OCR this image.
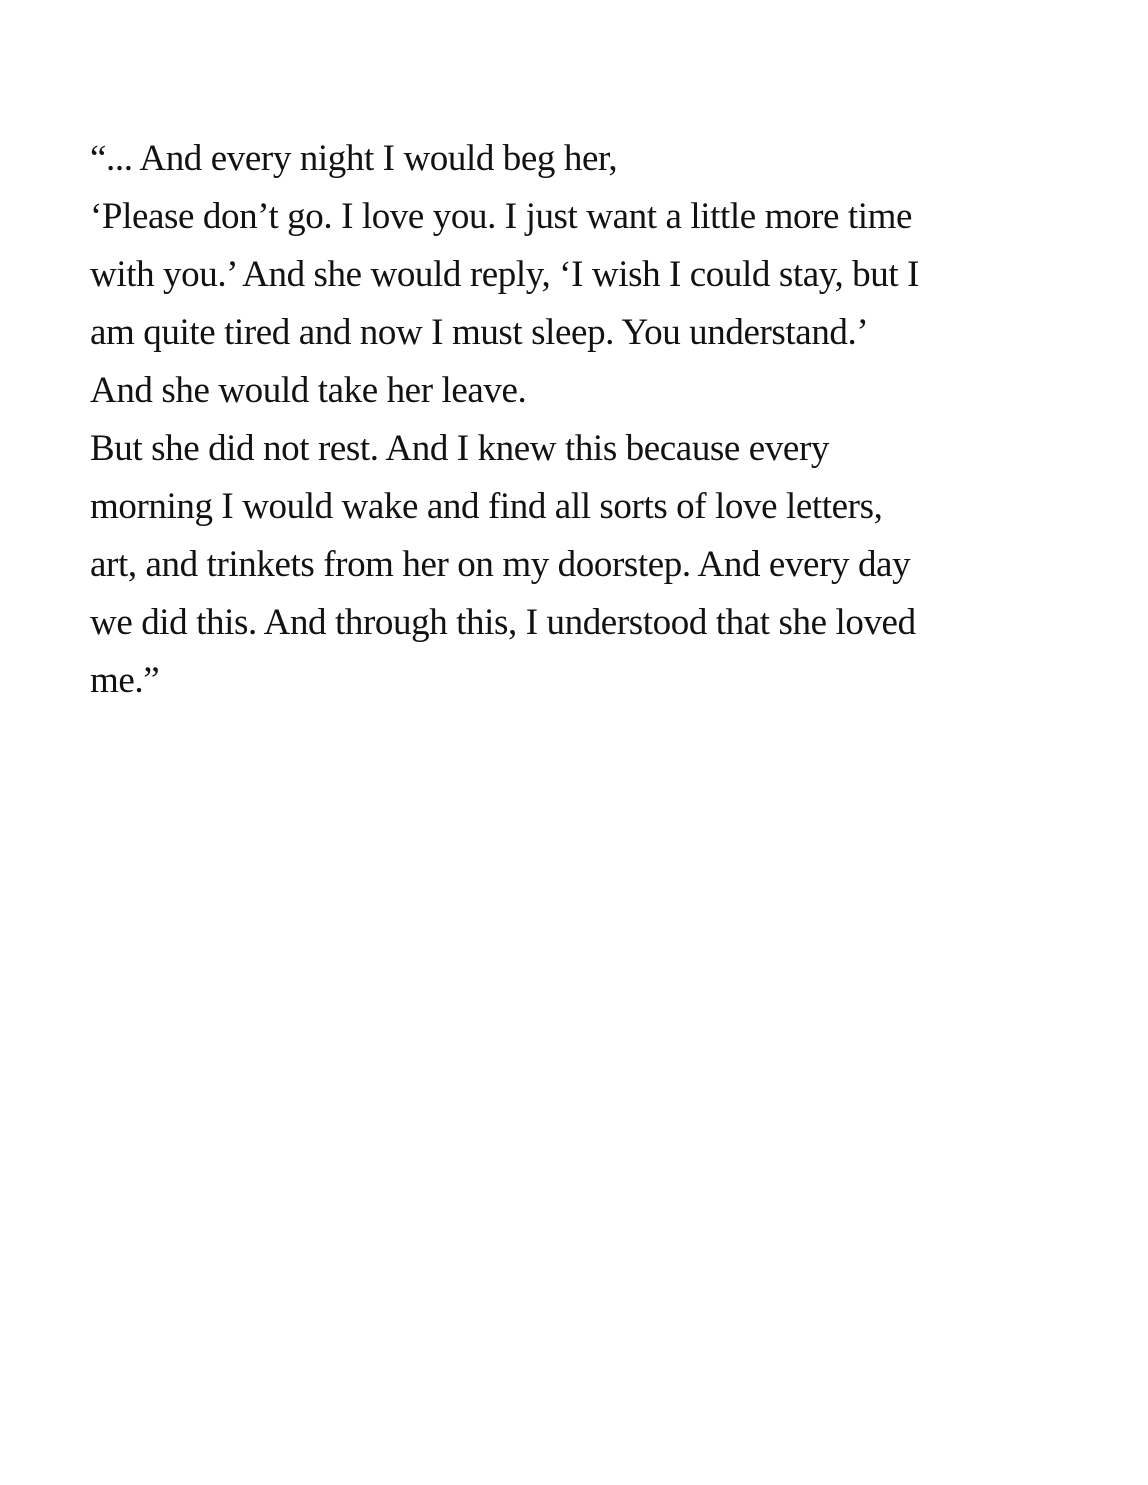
“... And every night I would beg her,
‘Please don’t go. I love you. I just want a little more time
with you.’ And she would reply, ‘I wish I could stay, but I
am quite tired and now I must sleep. You understand.’
And she would take her leave.
But she did not rest. And I knew this because every
morning I would wake and find all sorts of love letters,
art, and trinkets from her on my doorstep. And every day
we did this. And through this, I understood that she loved
me.”
